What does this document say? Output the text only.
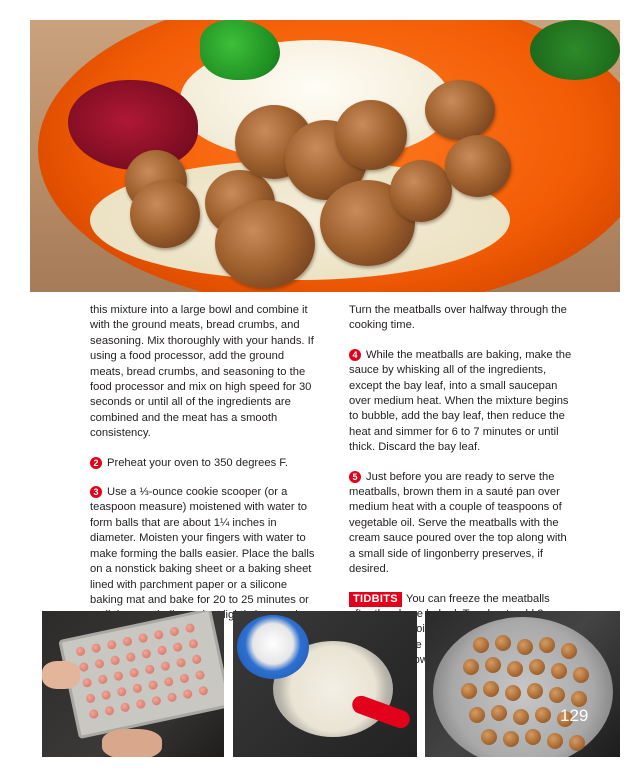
this mixture into a large bowl and combine it with the ground meats, bread crumbs, and seasoning. Mix thoroughly with your hands. If using a food processor, add the ground meats, bread crumbs, and seasoning to the food processor and mix on high speed for 30 seconds or until all of the ingredients are combined and the meat has a smooth consistency.

2 Preheat your oven to 350 degrees F.

3 Use a ⅓-ounce cookie scooper (or a teaspoon measure) moistened with water to form balls that are about 1¼ inches in diameter. Moisten your fingers with water to make forming the balls easier. Place the balls on a nonstick baking sheet or a baking sheet lined with parchment paper or a silicone baking mat and bake for 20 to 25 minutes or

Turn the meatballs over halfway through the cooking time.

4 While the meatballs are baking, make the sauce by whisking all of the ingredients, except the bay leaf, into a small saucepan over medium heat. When the mixture begins to bubble, add the bay leaf, then reduce the heat and simmer for 6 to 7 minutes or until thick. Discard the bay leaf.

5 Just before you are ready to serve the meatballs, brown them in a sauté pan over medium heat with a couple of teaspoons of vegetable oil. Serve the meatballs with the cream sauce poured over the top along with a small side of lingonberry preserves, if desired.

TIDBITS You can freeze the meatballs oil

129
